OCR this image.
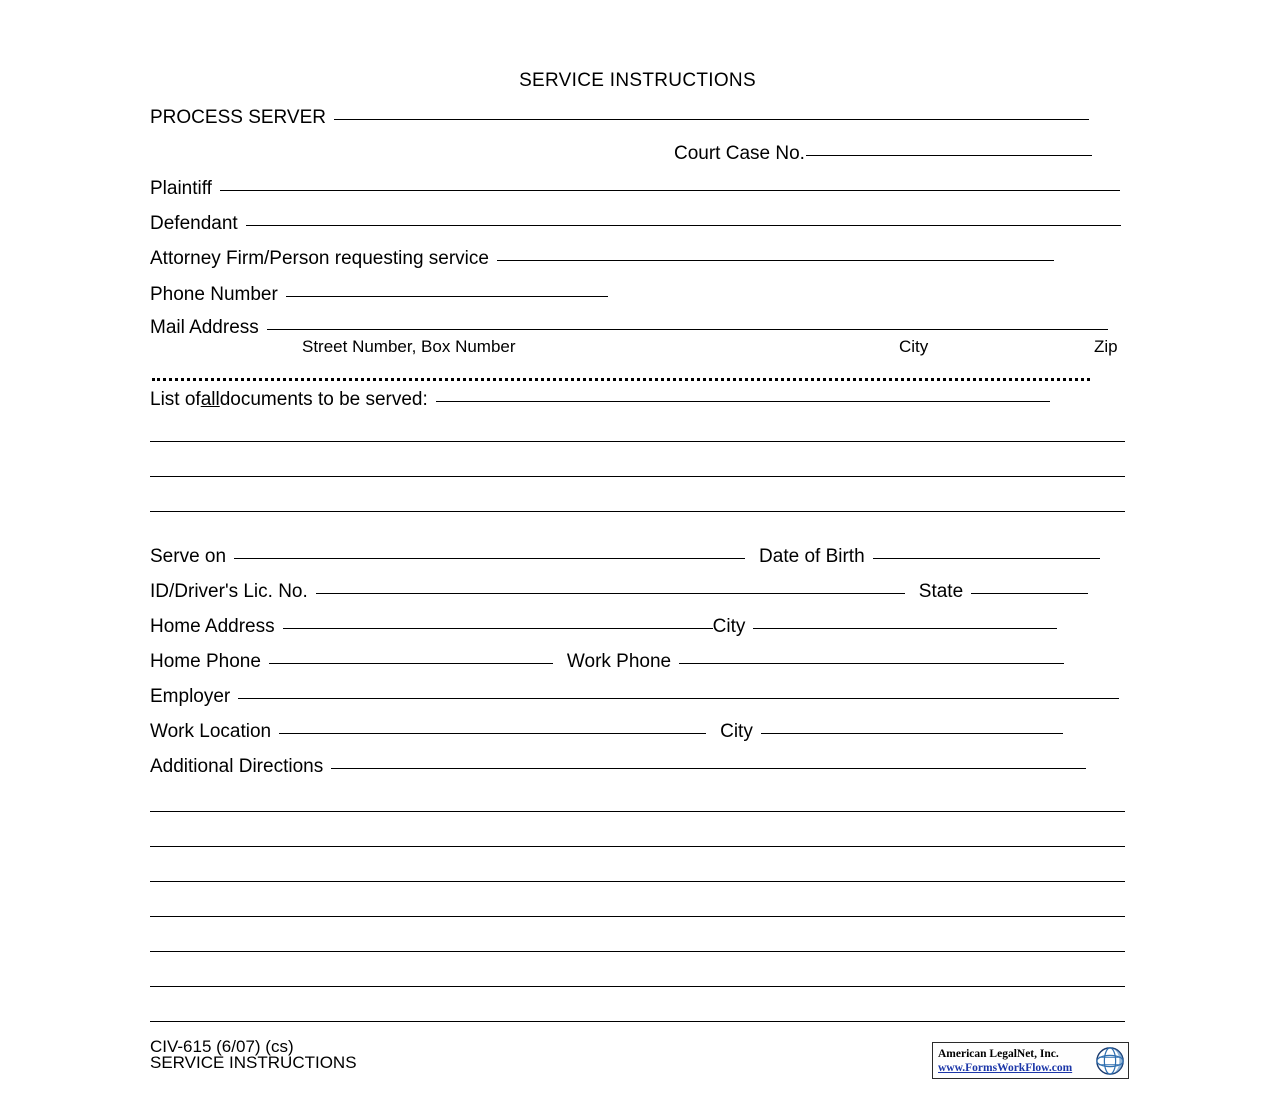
SERVICE INSTRUCTIONS
PROCESS SERVER
Court Case No.
Plaintiff
Defendant
Attorney Firm/Person requesting service
Phone Number
Mail Address
Street Number, Box Number	City	Zip
List of all documents to be served:
Serve on	Date of Birth
ID/Driver's Lic. No.	State
Home Address	City
Home Phone	Work Phone
Employer
Work Location	City
Additional Directions
CIV-615 (6/07) (cs)
SERVICE INSTRUCTIONS	American LegalNet, Inc.
www.FormsWorkFlow.com
